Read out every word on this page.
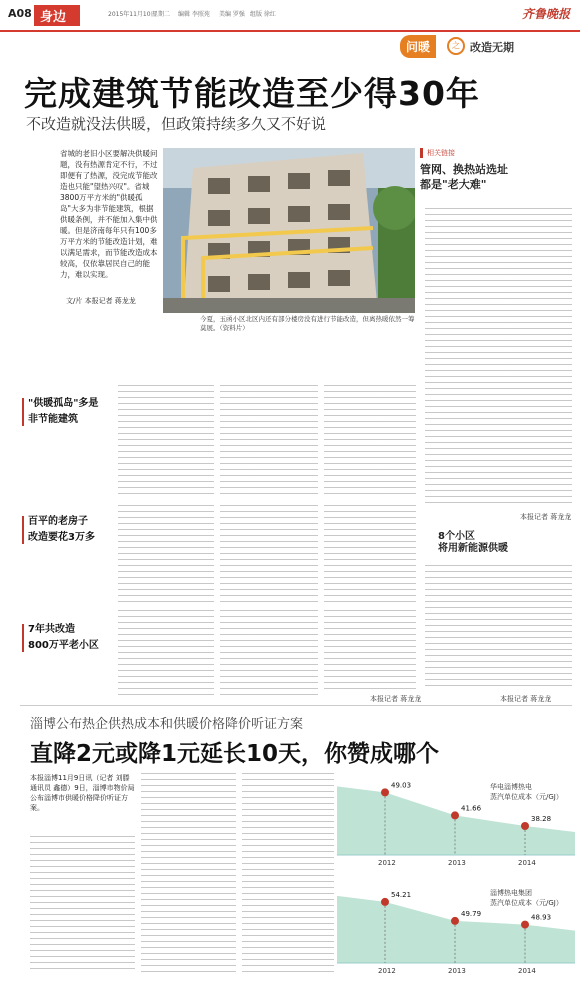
A08 身边	2015年11月10日
星期二 编辑 李照苑 美编 罗强 组版 徐红	齐鲁晚报
问暖	之 改造无期
完成建筑节能改造至少得30年
不改造就没法供暖，但政策持续多久又不好说
省城的老旧小区要解决供暖问题，没有热源肯定不行，不过即便有了热源，没完成节能改造也只能"望热兴叹"。省城3800万平方米的"供暖孤岛"大多为非节能建筑，根据供暖条例，并不能加入集中供暖。但是济南每年只有100多万平方米的节能改造计划，难以满足需求，而节能改造成本较高，仅依靠居民自己的能力，难以实现。
文/片 本报记者 蒋龙龙
今夏，玉函小区北区内还有部分楼房没有进行节能改造，但离热暖依然一筹莫展。（资料片）
相关链接
管网、换热站选址
都是"老大难"
本报记者 蒋龙龙
8个小区
将用新能源供暖
本报记者 蒋龙龙
"供暖孤岛"多是
非节能建筑
百平的老房子
改造要花3万多
7年共改造
800万平老小区
本报记者 蒋龙龙
淄博公布热企供热成本和供暖价格降价听证方案
直降2元或降1元延长10天，你赞成哪个
本报淄博11月9日讯（记者 刘滕 通讯员 鑫德）9日，淄博市物价局公布淄博市供暖价格降价听证方案。
49.03
2012
41.66
2013
38.28
2014
54.21
2012
49.79
2013
48.93
2014
华电淄博热电
蒸汽单位成本（元/GJ）
淄博热电集团
蒸汽单位成本（元/GJ）
